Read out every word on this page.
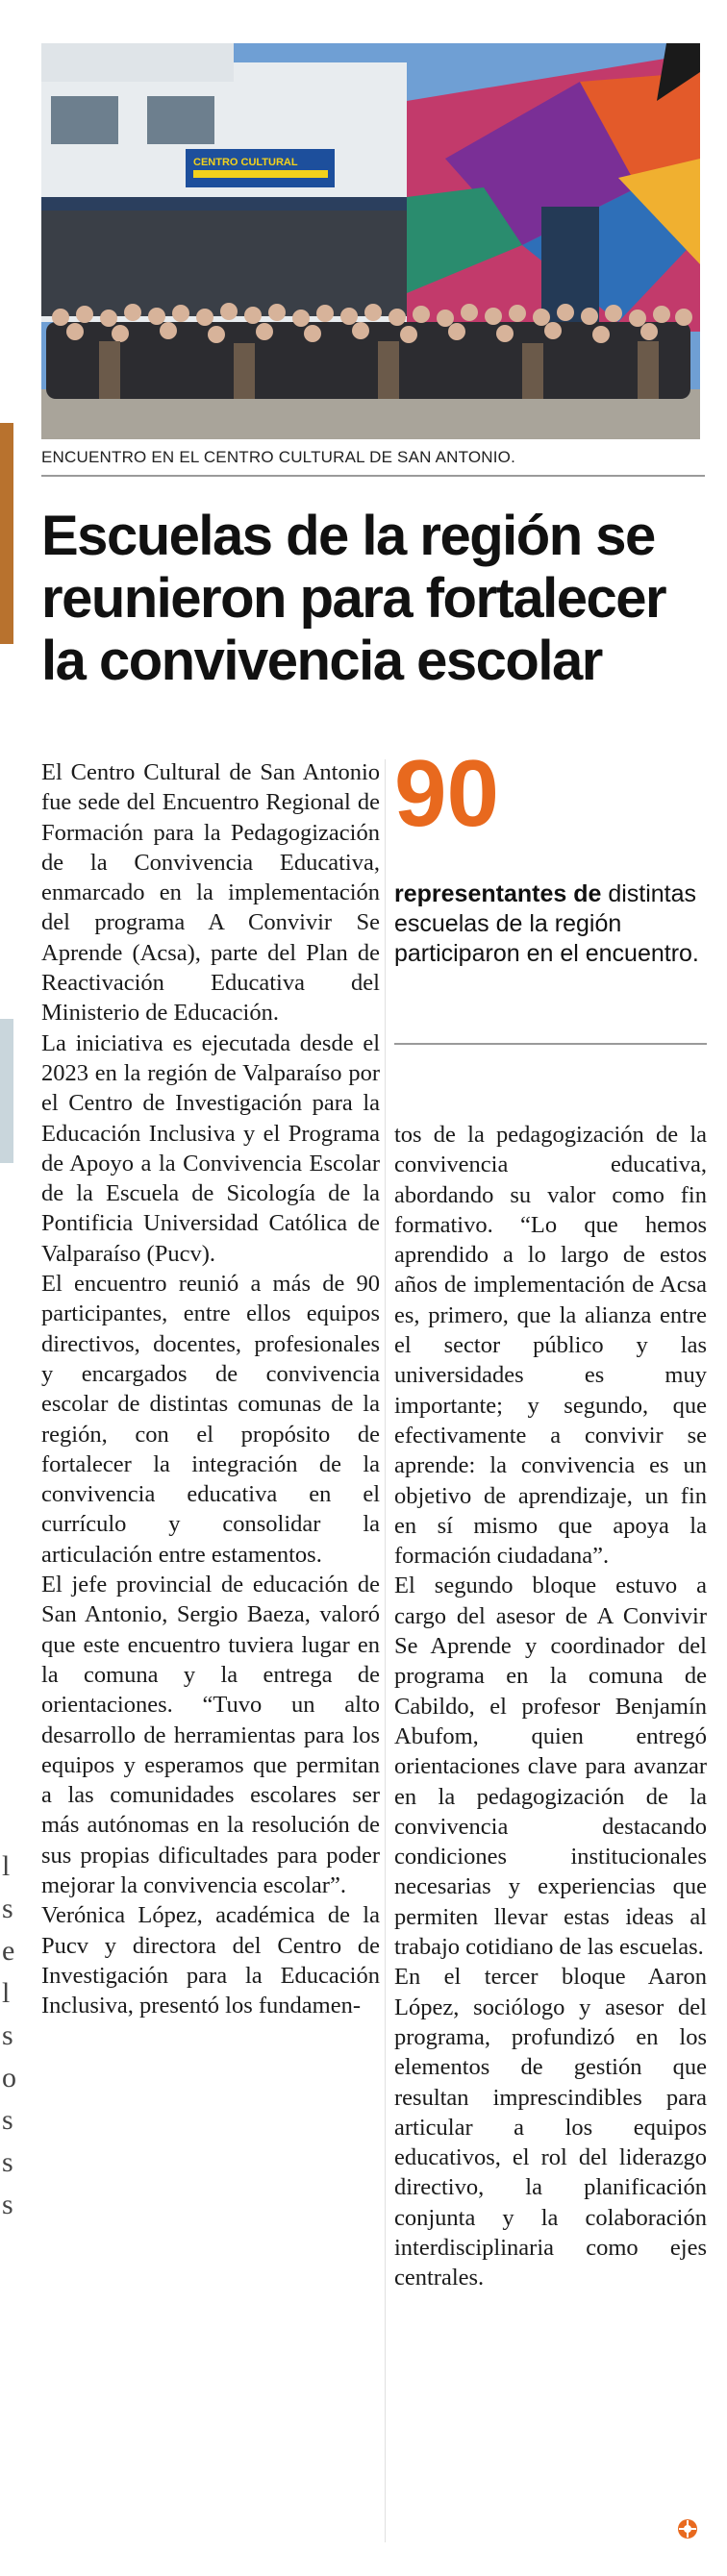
l
s
e
l
s
o
s
s
s
CENTRO CULTURAL
ENCUENTRO EN EL CENTRO CULTURAL DE SAN ANTONIO.
Escuelas de la región se reunieron para fortalecer la convivencia escolar

El Centro Cultural de San Antonio fue sede del Encuentro Regional de Formación para la Pedagogización de la Convivencia Educativa, enmarcado en la implementación del programa A Convivir Se Aprende (Acsa), parte del Plan de Reactivación Educativa del Ministerio de Educación.

La iniciativa es ejecutada desde el 2023 en la región de Valparaíso por el Centro de Investigación para la Educación Inclusiva y el Programa de Apoyo a la Convivencia Escolar de la Escuela de Sicología de la Pontificia Universidad Católica de Valparaíso (Pucv).

El encuentro reunió a más de 90 participantes, entre ellos equipos directivos, docentes, profesionales y encargados de convivencia escolar de distintas comunas de la región, con el propósito de fortalecer la integración de la convivencia educativa en el currículo y consolidar la articulación entre estamentos.

El jefe provincial de educación de San Antonio, Sergio Baeza, valoró que este encuentro tuviera lugar en la comuna y la entrega de orientaciones. “Tuvo un alto desarrollo de herramientas para los equipos y esperamos que permitan a las comunidades escolares ser más autónomas en la resolución de sus propias dificultades para poder mejorar la convivencia escolar”.

Verónica López, académica de la Pucv y directora del Centro de Investigación para la Educación Inclusiva, presentó los fundamen-

90
representantes de distintas escuelas de la región participaron en el encuentro.

tos de la pedagogización de la convivencia educativa, abordando su valor como fin formativo. “Lo que hemos aprendido a lo largo de estos años de implementación de Acsa es, primero, que la alianza entre el sector público y las universidades es muy importante; y segundo, que efectivamente a convivir se aprende: la convivencia es un objetivo de aprendizaje, un fin en sí mismo que apoya la formación ciudadana”.

El segundo bloque estuvo a cargo del asesor de A Convivir Se Aprende y coordinador del programa en la comuna de Cabildo, el profesor Benjamín Abufom, quien entregó orientaciones clave para avanzar en la pedagogización de la convivencia destacando condiciones institucionales necesarias y experiencias que permiten llevar estas ideas al trabajo cotidiano de las escuelas.

En el tercer bloque Aaron López, sociólogo y asesor del programa, profundizó en los elementos de gestión que resultan imprescindibles para articular a los equipos educativos, el rol del liderazgo directivo, la planificación conjunta y la colaboración interdisciplinaria como ejes centrales.
